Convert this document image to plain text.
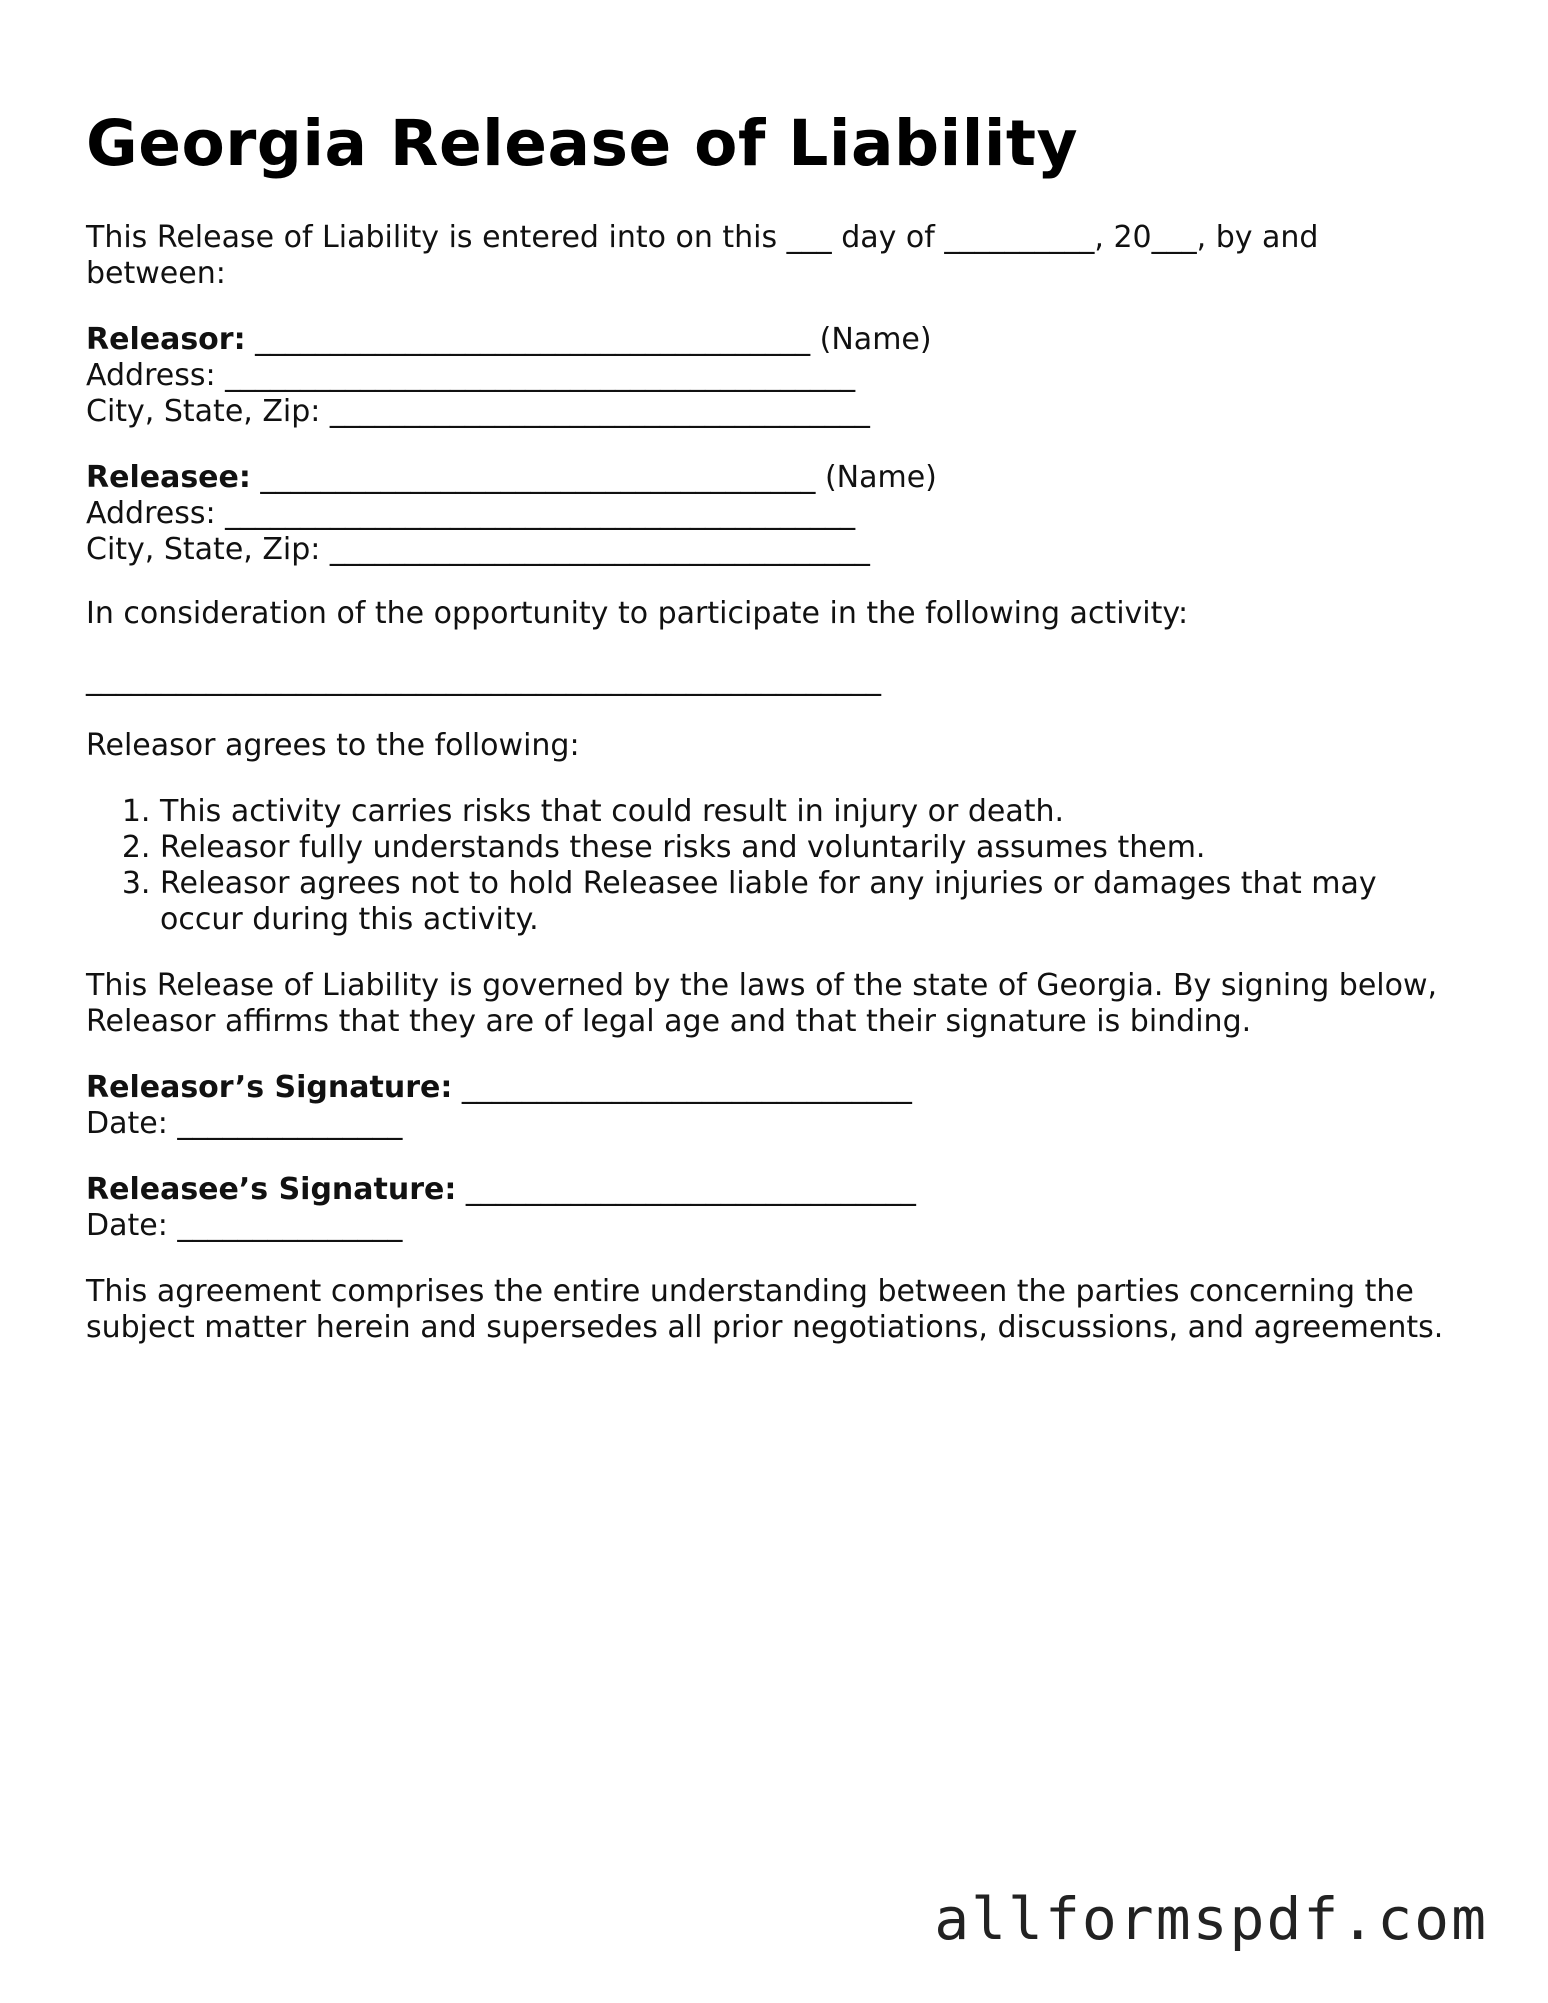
Georgia Release of Liability

This Release of Liability is entered into on this ___ day of __________, 20___, by and between:

Releasor: _____________________________________ (Name)
Address: __________________________________________
City, State, Zip: ____________________________________
Releasee: _____________________________________ (Name)
Address: __________________________________________
City, State, Zip: ____________________________________

In consideration of the opportunity to participate in the following activity:

_____________________________________________________

Releasor agrees to the following:

1. This activity carries risks that could result in injury or death.
2. Releasor fully understands these risks and voluntarily assumes them.
3. Releasor agrees not to hold Releasee liable for any injuries or damages that may occur during this activity.

This Release of Liability is governed by the laws of the state of Georgia. By signing below, Releasor affirms that they are of legal age and that their signature is binding.

Releasor’s Signature: ______________________________
Date: _______________
Releasee’s Signature: ______________________________
Date: _______________

This agreement comprises the entire understanding between the parties concerning the subject matter herein and supersedes all prior negotiations, discussions, and agreements.

allformspdf.com
